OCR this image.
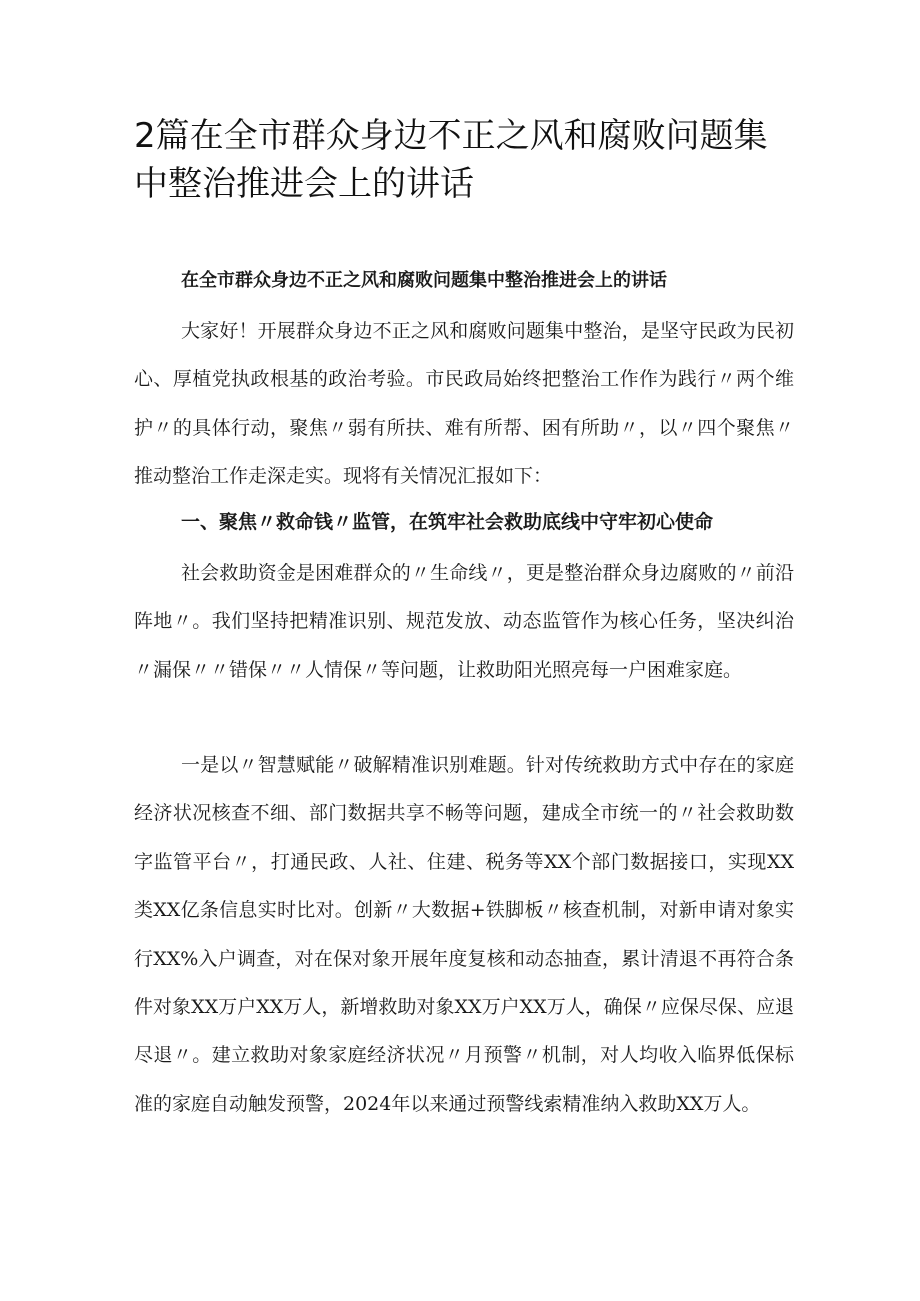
2篇在全市群众身边不正之风和腐败问题集中整治推进会上的讲话

在全市群众身边不正之风和腐败问题集中整治推进会上的讲话

大家好！开展群众身边不正之风和腐败问题集中整治，是坚守民政为民初心、厚植党执政根基的政治考验。市民政局始终把整治工作作为践行〃两个维护〃的具体行动，聚焦〃弱有所扶、难有所帮、困有所助〃，以〃四个聚焦〃推动整治工作走深走实。现将有关情况汇报如下：

一、聚焦〃救命钱〃监管，在筑牢社会救助底线中守牢初心使命

社会救助资金是困难群众的〃生命线〃，更是整治群众身边腐败的〃前沿阵地〃。我们坚持把精准识别、规范发放、动态监管作为核心任务，坚决纠治〃漏保〃〃错保〃〃人情保〃等问题，让救助阳光照亮每一户困难家庭。

一是以〃智慧赋能〃破解精准识别难题。针对传统救助方式中存在的家庭经济状况核查不细、部门数据共享不畅等问题，建成全市统一的〃社会救助数字监管平台〃，打通民政、人社、住建、税务等XX个部门数据接口，实现XX类XX亿条信息实时比对。创新〃大数据+铁脚板〃核查机制，对新申请对象实行XX%入户调查，对在保对象开展年度复核和动态抽查，累计清退不再符合条件对象XX万户XX万人，新增救助对象XX万户XX万人，确保〃应保尽保、应退尽退〃。建立救助对象家庭经济状况〃月预警〃机制，对人均收入临界低保标准的家庭自动触发预警，2024年以来通过预警线索精准纳入救助XX万人。
